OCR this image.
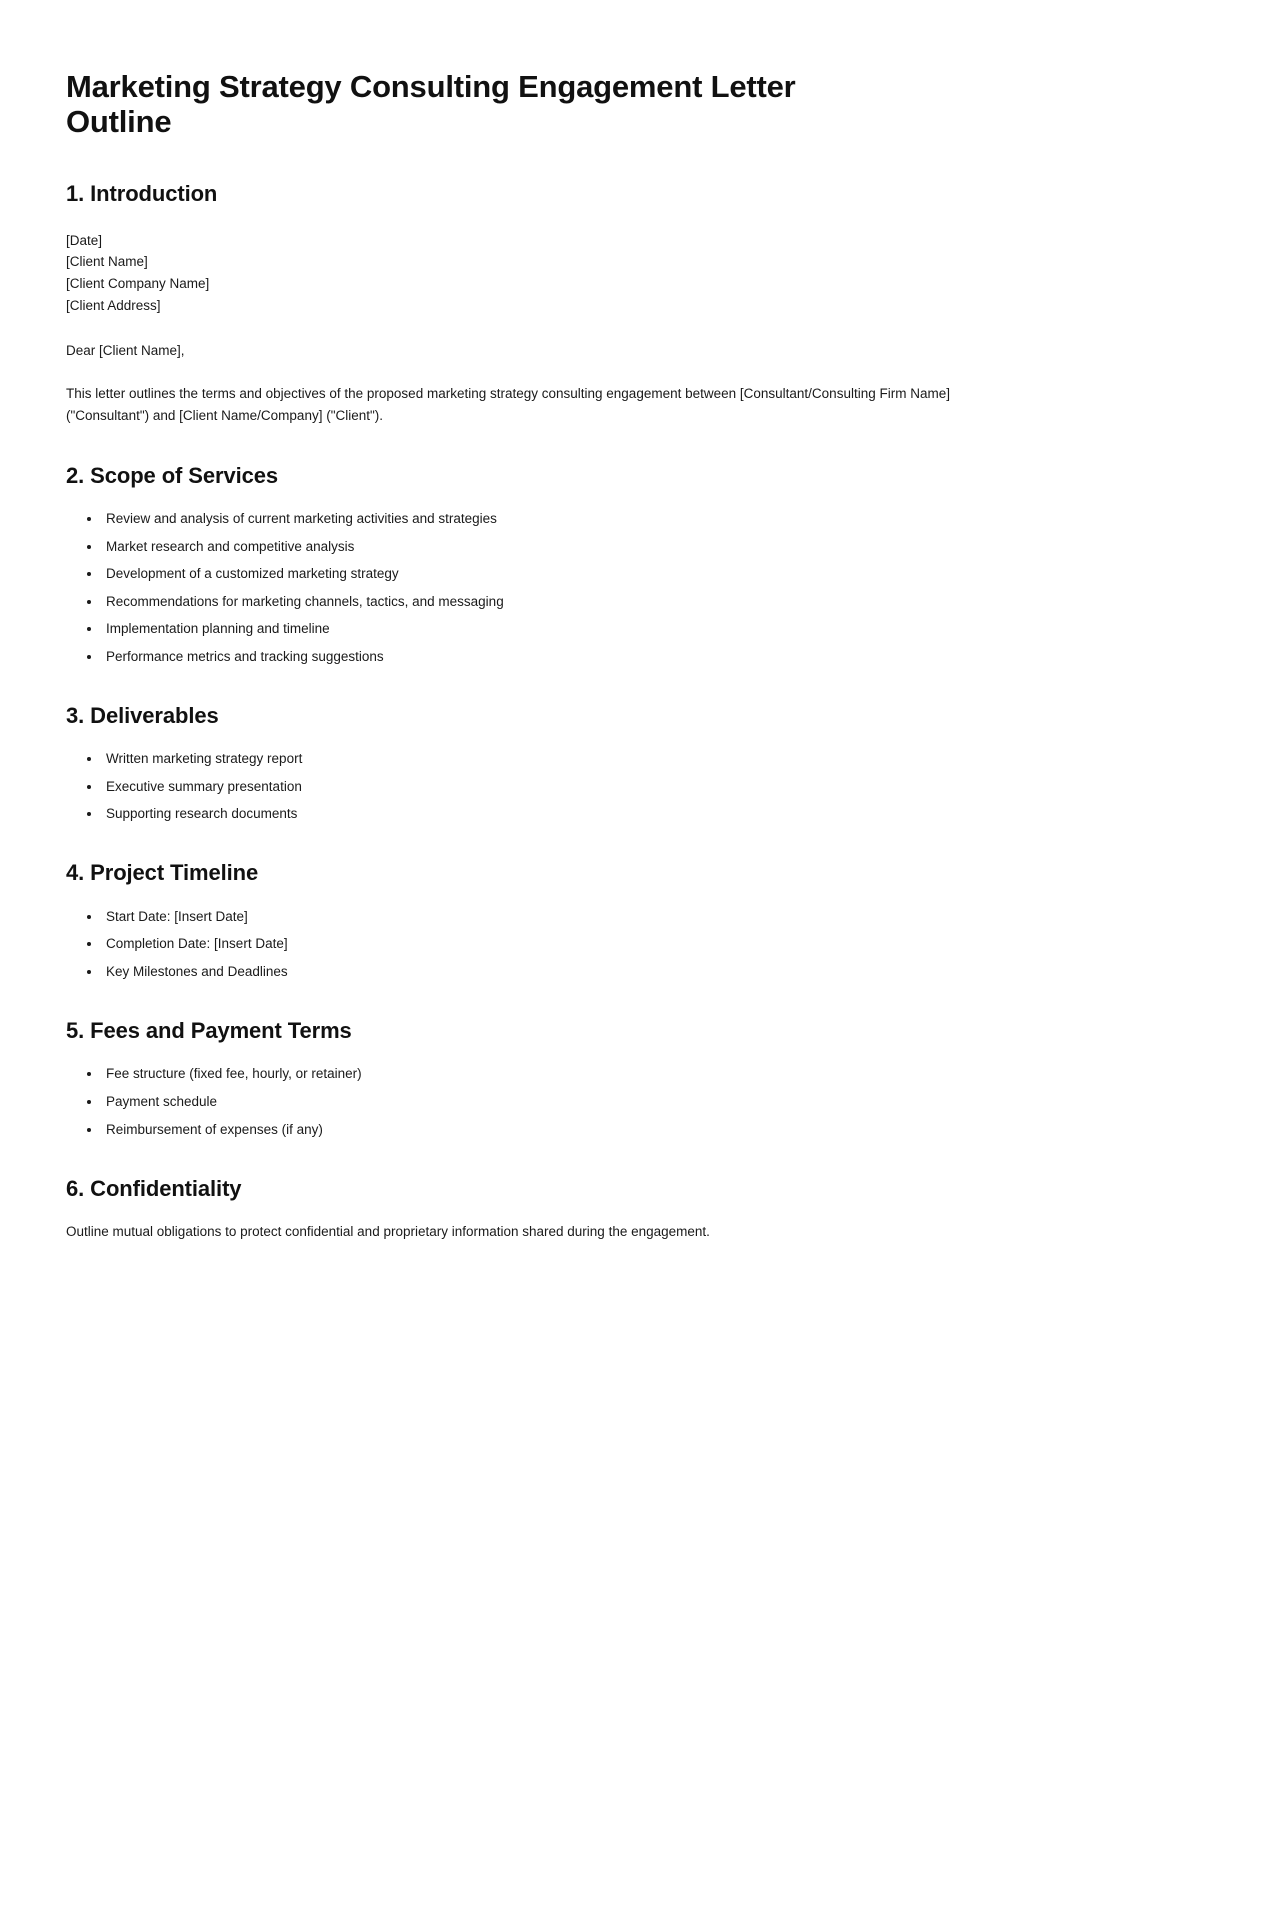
Marketing Strategy Consulting Engagement Letter Outline
1. Introduction
[Date]
[Client Name]
[Client Company Name]
[Client Address]

Dear [Client Name],

This letter outlines the terms and objectives of the proposed marketing strategy consulting engagement between [Consultant/Consulting Firm Name] ("Consultant") and [Client Name/Company] ("Client").

2. Scope of Services
• Review and analysis of current marketing activities and strategies
• Market research and competitive analysis
• Development of a customized marketing strategy
• Recommendations for marketing channels, tactics, and messaging
• Implementation planning and timeline
• Performance metrics and tracking suggestions
3. Deliverables
• Written marketing strategy report
• Executive summary presentation
• Supporting research documents
4. Project Timeline
• Start Date: [Insert Date]
• Completion Date: [Insert Date]
• Key Milestones and Deadlines
5. Fees and Payment Terms
• Fee structure (fixed fee, hourly, or retainer)
• Payment schedule
• Reimbursement of expenses (if any)
6. Confidentiality

Outline mutual obligations to protect confidential and proprietary information shared during the engagement.
